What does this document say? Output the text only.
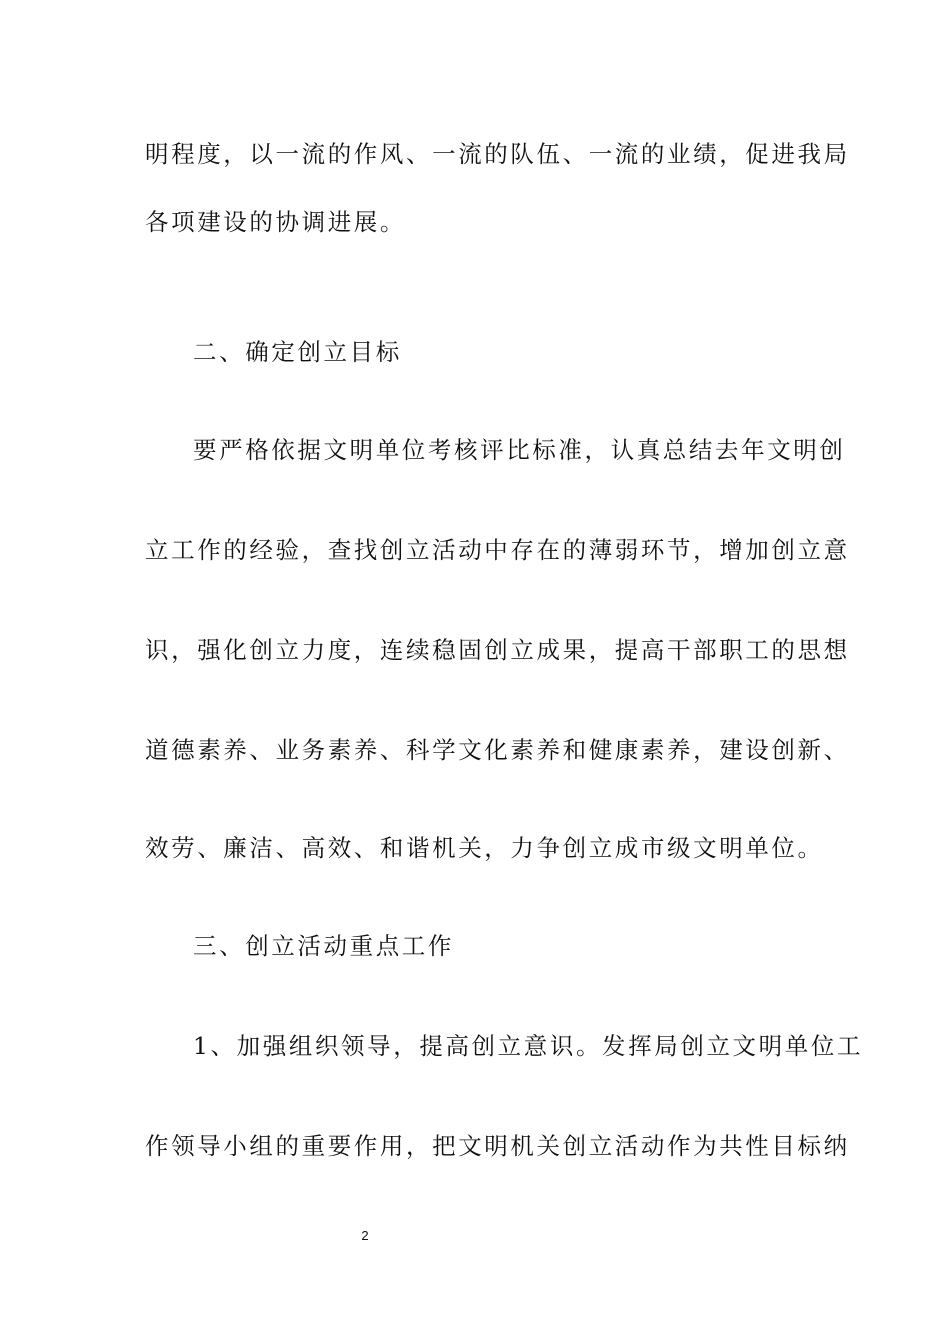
明程度，以一流的作风、一流的队伍、一流的业绩，促进我局
各项建设的协调进展。
二、确定创立目标
要严格依据文明单位考核评比标准，认真总结去年文明创
立工作的经验，查找创立活动中存在的薄弱环节，增加创立意
识，强化创立力度，连续稳固创立成果，提高干部职工的思想
道德素养、业务素养、科学文化素养和健康素养，建设创新、
效劳、廉洁、高效、和谐机关，力争创立成市级文明单位。
三、创立活动重点工作
1、加强组织领导，提高创立意识。发挥局创立文明单位工
作领导小组的重要作用，把文明机关创立活动作为共性目标纳
2
